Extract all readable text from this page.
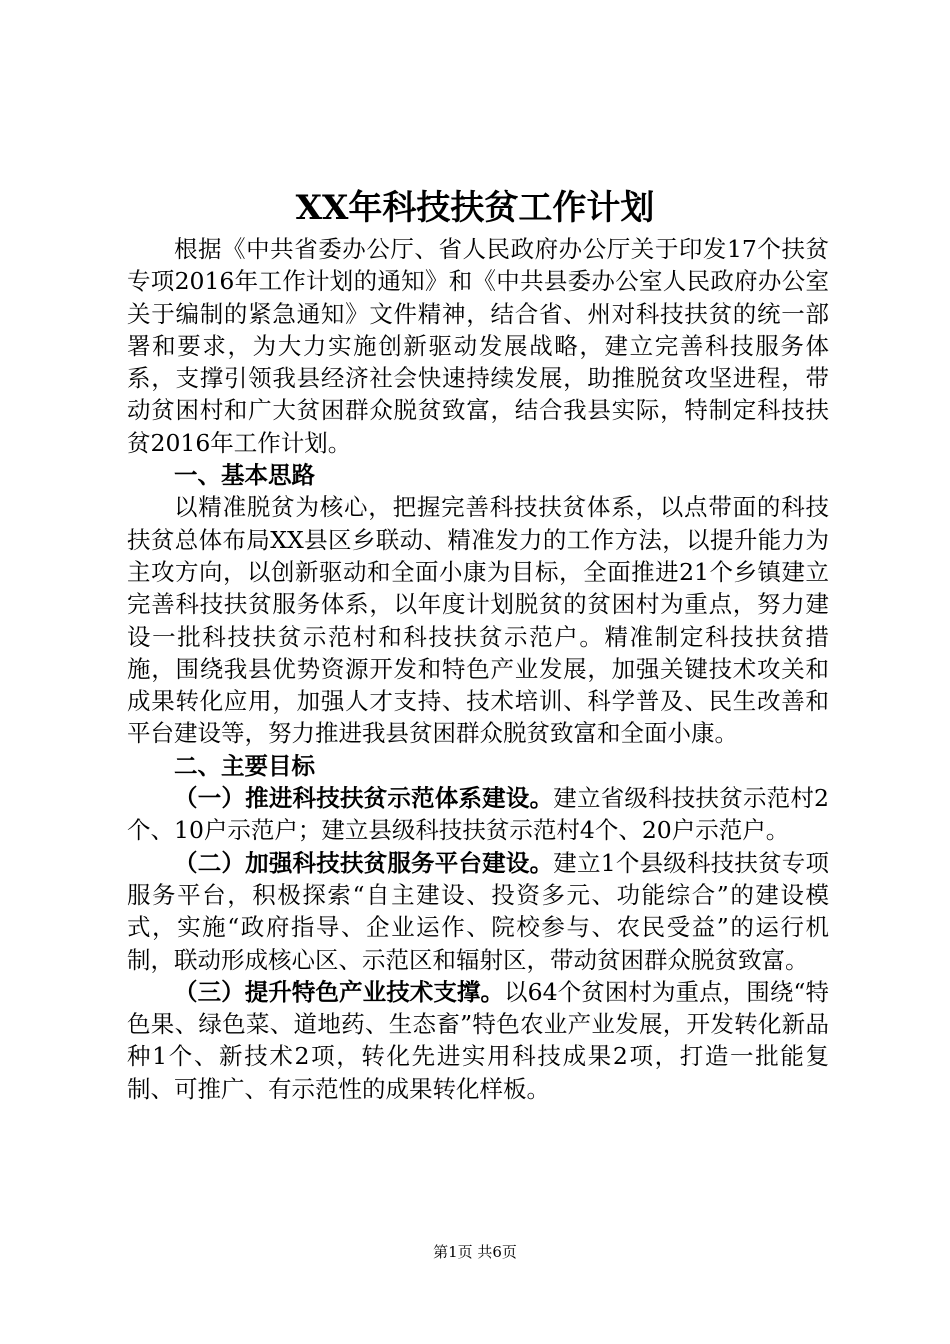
XX年科技扶贫工作计划

根据《中共省委办公厅、省人民政府办公厅关于印发17个扶贫专项2016年工作计划的通知》和《中共县委办公室人民政府办公室关于编制的紧急通知》文件精神，结合省、州对科技扶贫的统一部署和要求，为大力实施创新驱动发展战略，建立完善科技服务体系，支撑引领我县经济社会快速持续发展，助推脱贫攻坚进程，带动贫困村和广大贫困群众脱贫致富，结合我县实际，特制定科技扶贫2016年工作计划。

一、基本思路

以精准脱贫为核心，把握完善科技扶贫体系，以点带面的科技扶贫总体布局XX县区乡联动、精准发力的工作方法，以提升能力为主攻方向，以创新驱动和全面小康为目标，全面推进21个乡镇建立完善科技扶贫服务体系，以年度计划脱贫的贫困村为重点，努力建设一批科技扶贫示范村和科技扶贫示范户。精准制定科技扶贫措施，围绕我县优势资源开发和特色产业发展，加强关键技术攻关和成果转化应用，加强人才支持、技术培训、科学普及、民生改善和平台建设等，努力推进我县贫困群众脱贫致富和全面小康。

二、主要目标

（一）推进科技扶贫示范体系建设。建立省级科技扶贫示范村2个、10户示范户；建立县级科技扶贫示范村4个、20户示范户。

（二）加强科技扶贫服务平台建设。建立1个县级科技扶贫专项服务平台，积极探索“自主建设、投资多元、功能综合”的建设模式，实施“政府指导、企业运作、院校参与、农民受益”的运行机制，联动形成核心区、示范区和辐射区，带动贫困群众脱贫致富。

（三）提升特色产业技术支撑。以64个贫困村为重点，围绕“特色果、绿色菜、道地药、生态畜”特色农业产业发展，开发转化新品种1个、新技术2项，转化先进实用科技成果2项，打造一批能复制、可推广、有示范性的成果转化样板。

第1页 共6页
